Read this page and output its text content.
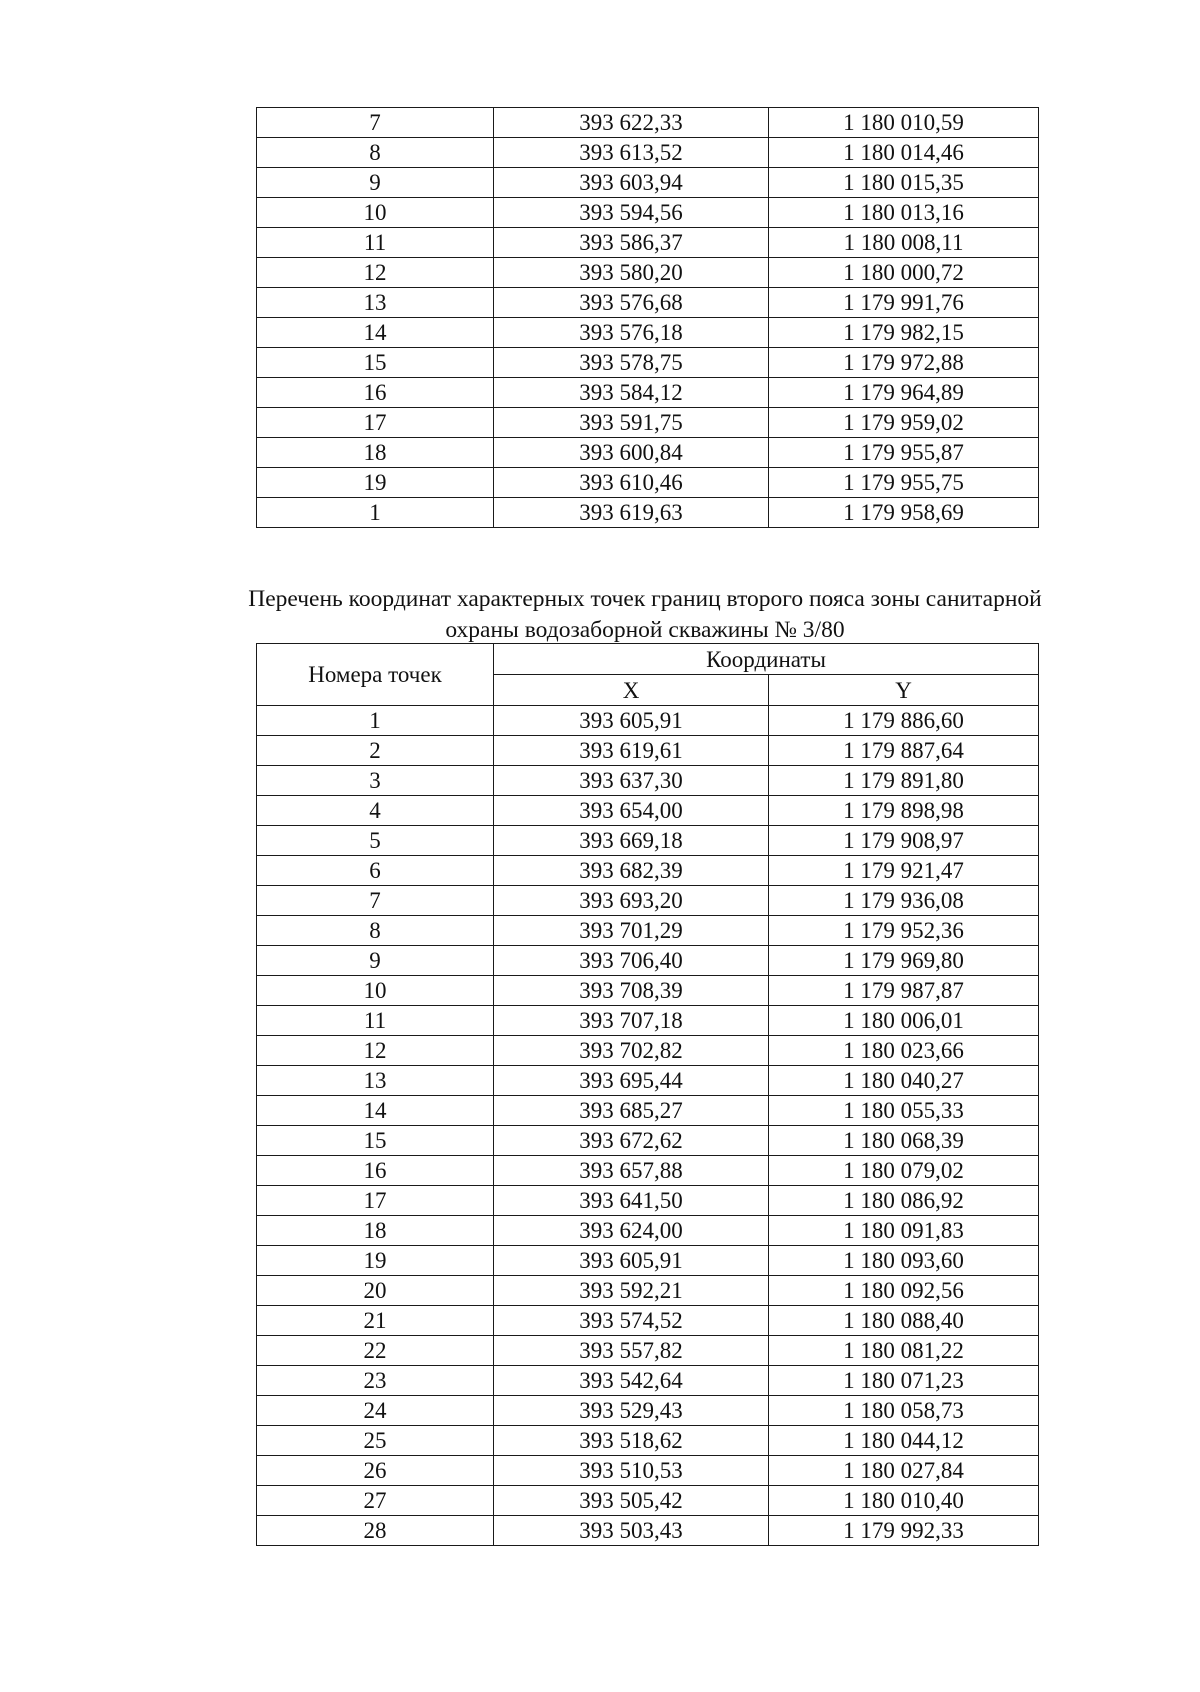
7	393 622,33	1 180 010,59
8	393 613,52	1 180 014,46
9	393 603,94	1 180 015,35
10	393 594,56	1 180 013,16
11	393 586,37	1 180 008,11
12	393 580,20	1 180 000,72
13	393 576,68	1 179 991,76
14	393 576,18	1 179 982,15
15	393 578,75	1 179 972,88
16	393 584,12	1 179 964,89
17	393 591,75	1 179 959,02
18	393 600,84	1 179 955,87
19	393 610,46	1 179 955,75
1	393 619,63	1 179 958,69
Перечень координат характерных точек границ второго пояса зоны санитарной
охраны водозаборной скважины № 3/80
Номера точек	Координаты	
	X	Y
1	393 605,91	1 179 886,60
2	393 619,61	1 179 887,64
3	393 637,30	1 179 891,80
4	393 654,00	1 179 898,98
5	393 669,18	1 179 908,97
6	393 682,39	1 179 921,47
7	393 693,20	1 179 936,08
8	393 701,29	1 179 952,36
9	393 706,40	1 179 969,80
10	393 708,39	1 179 987,87
11	393 707,18	1 180 006,01
12	393 702,82	1 180 023,66
13	393 695,44	1 180 040,27
14	393 685,27	1 180 055,33
15	393 672,62	1 180 068,39
16	393 657,88	1 180 079,02
17	393 641,50	1 180 086,92
18	393 624,00	1 180 091,83
19	393 605,91	1 180 093,60
20	393 592,21	1 180 092,56
21	393 574,52	1 180 088,40
22	393 557,82	1 180 081,22
23	393 542,64	1 180 071,23
24	393 529,43	1 180 058,73
25	393 518,62	1 180 044,12
26	393 510,53	1 180 027,84
27	393 505,42	1 180 010,40
28	393 503,43	1 179 992,33
